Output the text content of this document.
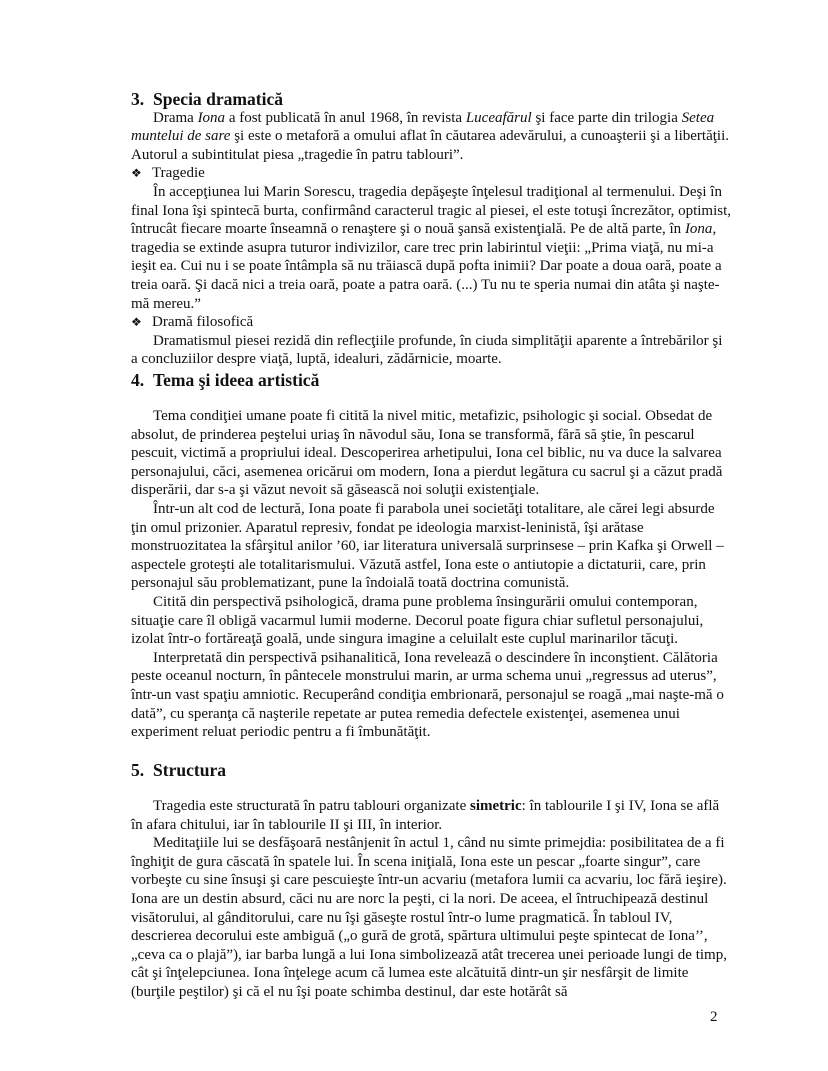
3. Specia dramatică

Drama Iona a fost publicată în anul 1968, în revista Luceafărul şi face parte din trilogia Setea muntelui de sare şi este o metaforă a omului aflat în căutarea adevărului, a cunoaşterii şi a libertăţii. Autorul a subintitulat piesa „tragedie în patru tablouri”.

❖ Tragedie

În accepţiunea lui Marin Sorescu, tragedia depăşeşte înţelesul tradiţional al termenului. Deşi în final Iona îşi spintecă burta, confirmând caracterul tragic al piesei, el este totuşi încrezător, optimist, întrucât fiecare moarte înseamnă o renaştere şi o nouă şansă existenţială. Pe de altă parte, în Iona, tragedia se extinde asupra tuturor indivizilor, care trec prin labirintul vieţii: „Prima viaţă, nu mi-a ieşit ea. Cui nu i se poate întâmpla să nu trăiască după pofta inimii? Dar poate a doua oară, poate a treia oară. Şi dacă nici a treia oară, poate a patra oară. (...) Tu nu te speria numai din atâta şi naşte-mă mereu.”

❖ Dramă filosofică

Dramatismul piesei rezidă din reflecţiile profunde, în ciuda simplităţii aparente a întrebărilor şi a concluziilor despre viaţă, luptă, idealuri, zădărnicie, moarte.

4. Tema şi ideea artistică

Tema condiţiei umane poate fi citită la nivel mitic, metafizic, psihologic şi social. Obsedat de absolut, de prinderea peştelui uriaş în năvodul său, Iona se transformă, fără să ştie, în pescarul pescuit, victimă a propriului ideal. Descoperirea arhetipului, Iona cel biblic, nu va duce la salvarea personajului, căci, asemenea oricărui om modern, Iona a pierdut legătura cu sacrul şi a căzut pradă disperării, dar s-a şi văzut nevoit să găsească noi soluţii existenţiale.

Într-un alt cod de lectură, Iona poate fi parabola unei societăţi totalitare, ale cărei legi absurde ţin omul prizonier. Aparatul represiv, fondat pe ideologia marxist-leninistă, îşi arătase monstruozitatea la sfârşitul anilor ’60, iar literatura universală surprinsese – prin Kafka şi Orwell – aspectele groteşti ale totalitarismului. Văzută astfel, Iona este o antiutopie a dictaturii, care, prin personajul său problematizant, pune la îndoială toată doctrina comunistă.

Citită din perspectivă psihologică, drama pune problema însingurării omului contemporan, situaţie care îl obligă vacarmul lumii moderne. Decorul poate figura chiar sufletul personajului, izolat într-o fortăreaţă goală, unde singura imagine a celuilalt este cuplul marinarilor tăcuţi.

Interpretată din perspectivă psihanalitică, Iona revelează o descindere în inconştient. Călătoria peste oceanul nocturn, în pântecele monstrului marin, ar urma schema unui „regressus ad uterus”, într-un vast spaţiu amniotic. Recuperând condiţia embrionară, personajul se roagă „mai naşte-mă o dată”, cu speranţa că naşterile repetate ar putea remedia defectele existenţei, asemenea unui experiment reluat periodic pentru a fi îmbunătăţit.

5. Structura

Tragedia este structurată în patru tablouri organizate simetric: în tablourile I şi IV, Iona se află în afara chitului, iar în tablourile II şi III, în interior.

Meditaţiile lui se desfăşoară nestânjenit în actul 1, când nu simte primejdia: posibilitatea de a fi înghiţit de gura căscată în spatele lui. În scena iniţială, Iona este un pescar „foarte singur”, care vorbeşte cu sine însuşi şi care pescuieşte într-un acvariu (metafora lumii ca acvariu, loc fără ieşire). Iona are un destin absurd, căci nu are norc la peşti, ci la nori. De aceea, el întruchipează destinul visătorului, al gânditorului, care nu îşi găseşte rostul într-o lume pragmatică. În tabloul IV, descrierea decorului este ambiguă („o gură de grotă, spărtura ultimului peşte spintecat de Iona’’, „ceva ca o plajă”), iar barba lungă a lui Iona simbolizează atât trecerea unei perioade lungi de timp, cât şi înţelepciunea. Iona înţelege acum că lumea este alcătuită dintr-un şir nesfârşit de limite (burţile peştilor) şi că el nu îşi poate schimba destinul, dar este hotărât să

2
